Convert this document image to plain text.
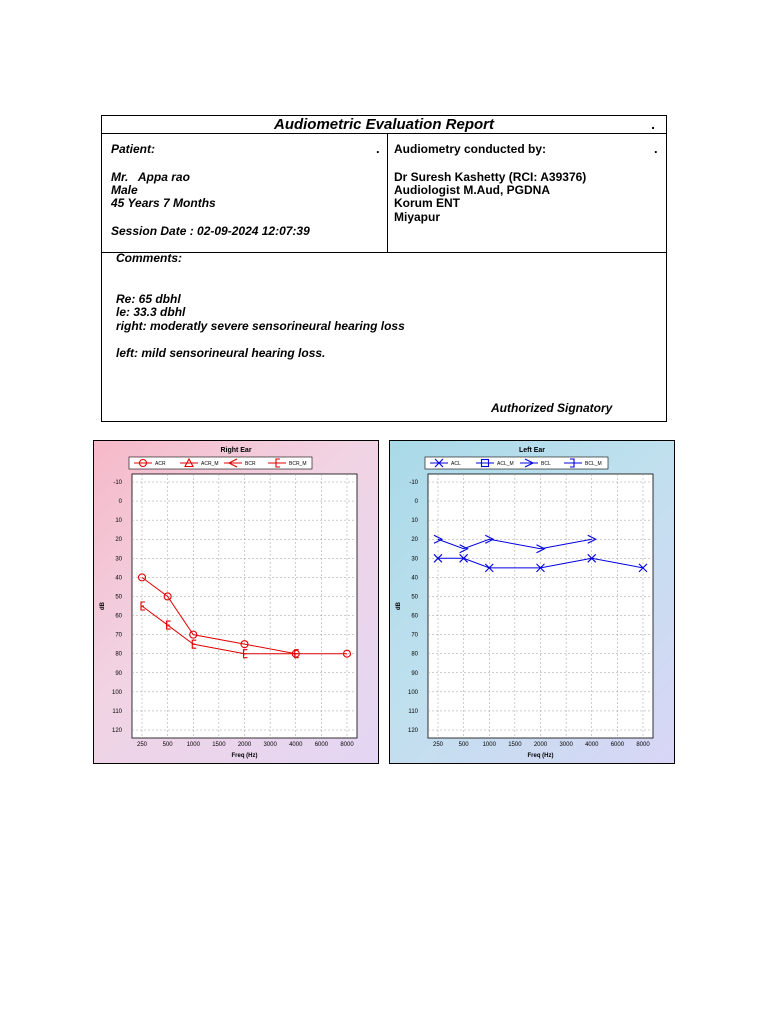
Audiometric Evaluation Report	.
Patient:	.
Mr.   Appa rao
Male
45 Years 7 Months
Session Date : 02-09-2024 12:07:39
Audiometry conducted by:	.
Dr Suresh Kashetty (RCI: A39376)
Audiologist M.Aud, PGDNA
Korum ENT
Miyapur
Comments:
Re: 65 dbhl
le: 33.3 dbhl
right: moderatly severe sensorineural hearing loss
left: mild sensorineural hearing loss.
Authorized Signatory
Right Ear
ACR	ACR_M	BCR	BCR_M
250	500 1000 1500 2000 3000 4000 6000 8000
-10
0
10
20
30
40
50
60
70
80
90
100
110
120
Freq (Hz)
dB
Left Ear
ACL	ACL_M	BCL	BCL_M
250	500 1000 1500 2000 3000 4000 6000 8000
-10
0
10
20
30
40
50
60
70
80
90
100
110
120
Freq (Hz)
dB
